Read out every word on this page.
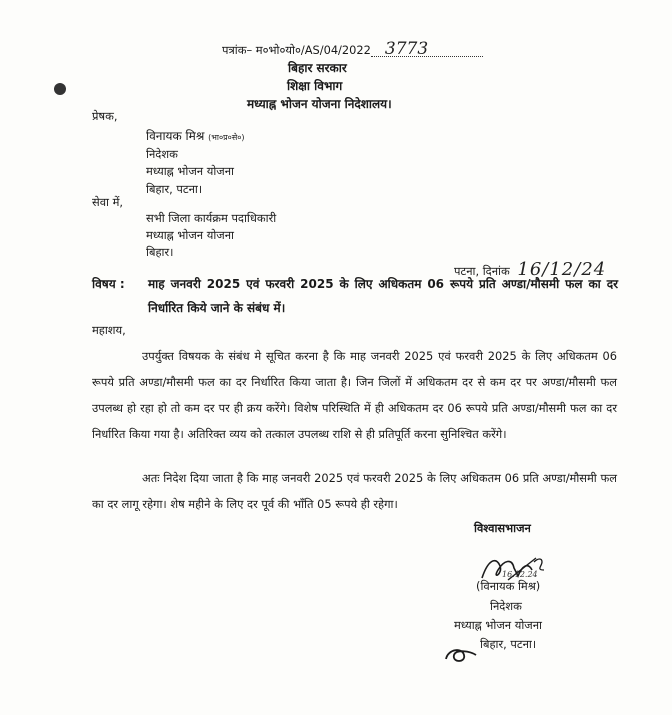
पत्रांक– म०भो०यो०/AS/04/2022 3773
बिहार सरकार
शिक्षा विभाग
मध्याह्न भोजन योजना निदेशालय।
प्रेषक,
विनायक मिश्र (भा०प्र०से०)
निदेशक
मध्याह्न भोजन योजना
बिहार, पटना।
सेवा में,
सभी जिला कार्यक्रम पदाधिकारी
मध्याह्न भोजन योजना
बिहार।
पटना, दिनांक 16/12/24
विषय : माह जनवरी 2025 एवं फरवरी 2025 के लिए अधिकतम 06 रूपये प्रति अण्डा/मौसमी फल का दर निर्धारित किये जाने के संबंध में।
महाशय,
उपर्युक्त विषयक के संबंध मे सूचित करना है कि माह जनवरी 2025 एवं फरवरी 2025 के लिए अधिकतम 06 रूपये प्रति अण्डा/मौसमी फल का दर निर्धारित किया जाता है। जिन जिलों में अधिकतम दर से कम दर पर अण्डा/मौसमी फल उपलब्ध हो रहा हो तो कम दर पर ही क्रय करेंगे। विशेष परिस्थिति में ही अधिकतम दर 06 रूपये प्रति अण्डा/मौसमी फल का दर निर्धारित किया गया है। अतिरिक्त व्यय को तत्काल उपलब्ध राशि से ही प्रतिपूर्ति करना सुनिश्चित करेंगे।
अतः निदेश दिया जाता है कि माह जनवरी 2025 एवं फरवरी 2025 के लिए अधिकतम 06 प्रति अण्डा/मौसमी फल का दर लागू रहेगा। शेष महीने के लिए दर पूर्व की भाँति 05 रूपये ही रहेगा।
विश्वासभाजन
16.12.24
(विनायक मिश्र)
निदेशक
मध्याह्न भोजन योजना
बिहार, पटना।
